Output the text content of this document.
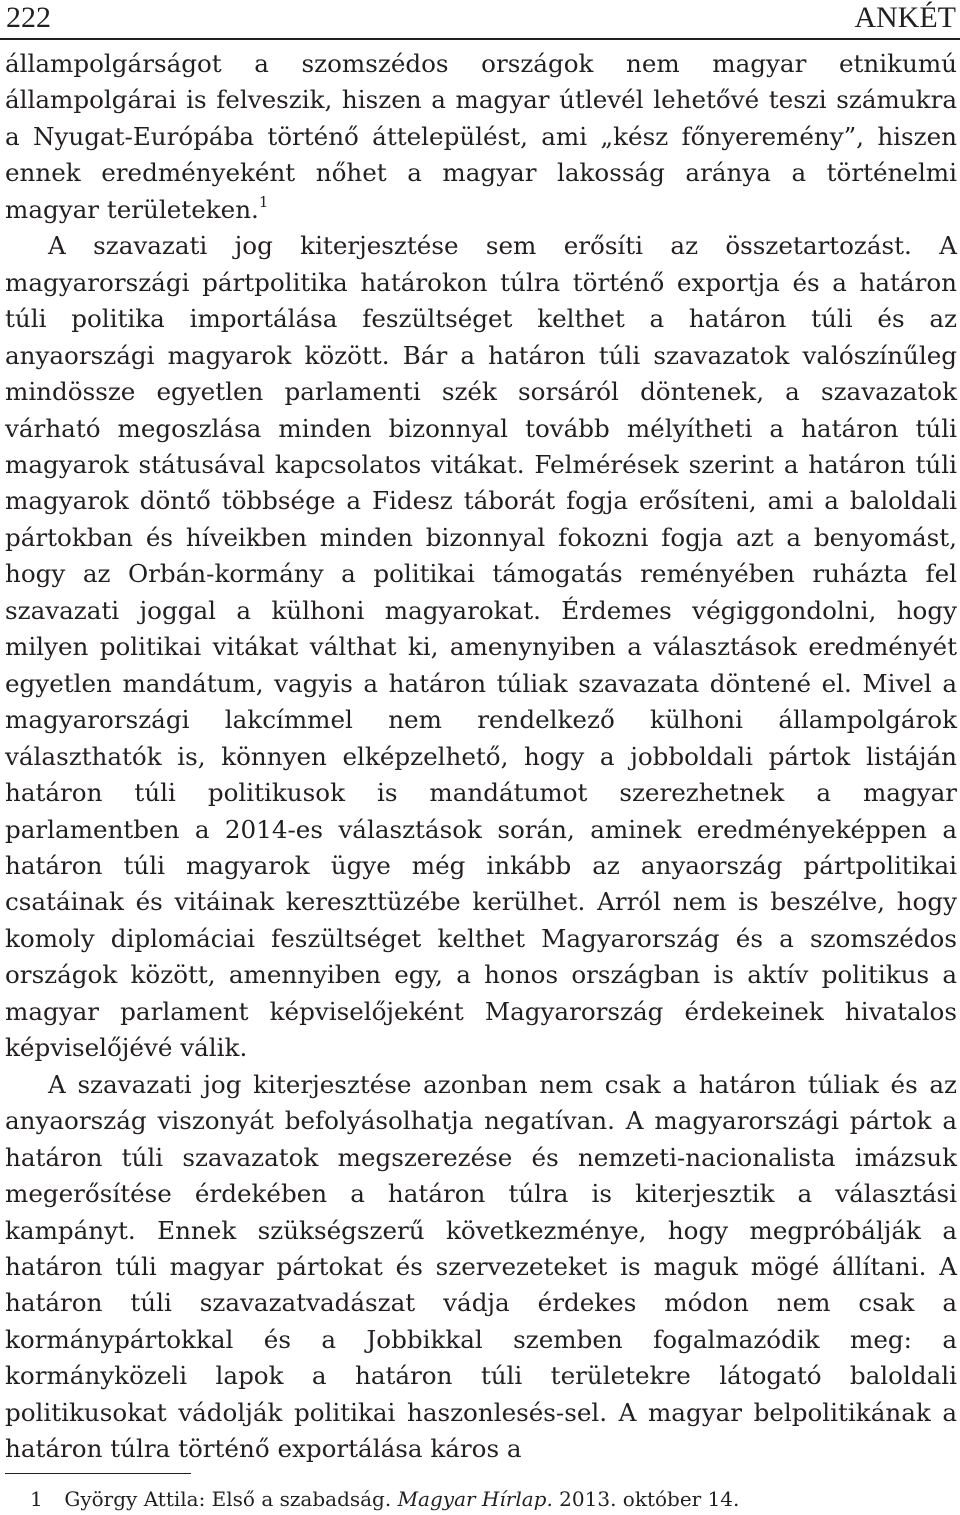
222	ANKÉT

állampolgárságot a szomszédos országok nem magyar etnikumú állampolgárai is felveszik, hiszen a magyar útlevél lehetővé teszi számukra a Nyugat-Európába történő áttelepülést, ami „kész főnyeremény”, hiszen ennek eredményeként nőhet a magyar lakosság aránya a történelmi magyar területeken.$^1$

A szavazati jog kiterjesztése sem erősíti az összetartozást. A magyarországi pártpolitika határokon túlra történő exportja és a határon túli politika importálása feszültséget kelthet a határon túli és az anyaországi magyarok között. Bár a határon túli szavazatok valószínűleg mindössze egyetlen parlamenti szék sorsáról döntenek, a szavazatok várható megoszlása minden bizonnyal tovább mélyítheti a határon túli magyarok státusával kapcsolatos vitákat. Felmérések szerint a határon túli magyarok döntő többsége a Fidesz táborát fogja erősíteni, ami a baloldali pártokban és híveikben minden bizonnyal fokozni fogja azt a benyomást, hogy az Orbán-kormány a politikai támogatás reményében ruházta fel szavazati joggal a külhoni magyarokat. Érdemes végiggondolni, hogy milyen politikai vitákat válthat ki, amenynyiben a választások eredményét egyetlen mandátum, vagyis a határon túliak szavazata döntené el. Mivel a magyarországi lakcímmel nem rendelkező külhoni állampolgárok választhatók is, könnyen elképzelhető, hogy a jobboldali pártok listáján határon túli politikusok is mandátumot szerezhetnek a magyar parlamentben a 2014-es választások során, aminek eredményeképpen a határon túli magyarok ügye még inkább az anyaország pártpolitikai csatáinak és vitáinak kereszttüzébe kerülhet. Arról nem is beszélve, hogy komoly diplomáciai feszültséget kelthet Magyarország és a szomszédos országok között, amennyiben egy, a honos országban is aktív politikus a magyar parlament képviselőjeként Magyarország érdekeinek hivatalos képviselőjévé válik.

A szavazati jog kiterjesztése azonban nem csak a határon túliak és az anyaország viszonyát befolyásolhatja negatívan. A magyarországi pártok a határon túli szavazatok megszerezése és nemzeti-nacionalista imázsuk megerősítése érdekében a határon túlra is kiterjesztik a választási kampányt. Ennek szükségszerű következménye, hogy megpróbálják a határon túli magyar pártokat és szervezeteket is maguk mögé állítani. A határon túli szavazatvadászat vádja érdekes módon nem csak a kormánypártokkal és a Jobbikkal szemben fogalmazódik meg: a kormányközeli lapok a határon túli területekre látogató baloldali politikusokat vádolják politikai haszonlesés-sel. A magyar belpolitikának a határon túlra történő exportálása káros a

1 György Attila: Első a szabadság. Magyar Hírlap. 2013. október 14.
